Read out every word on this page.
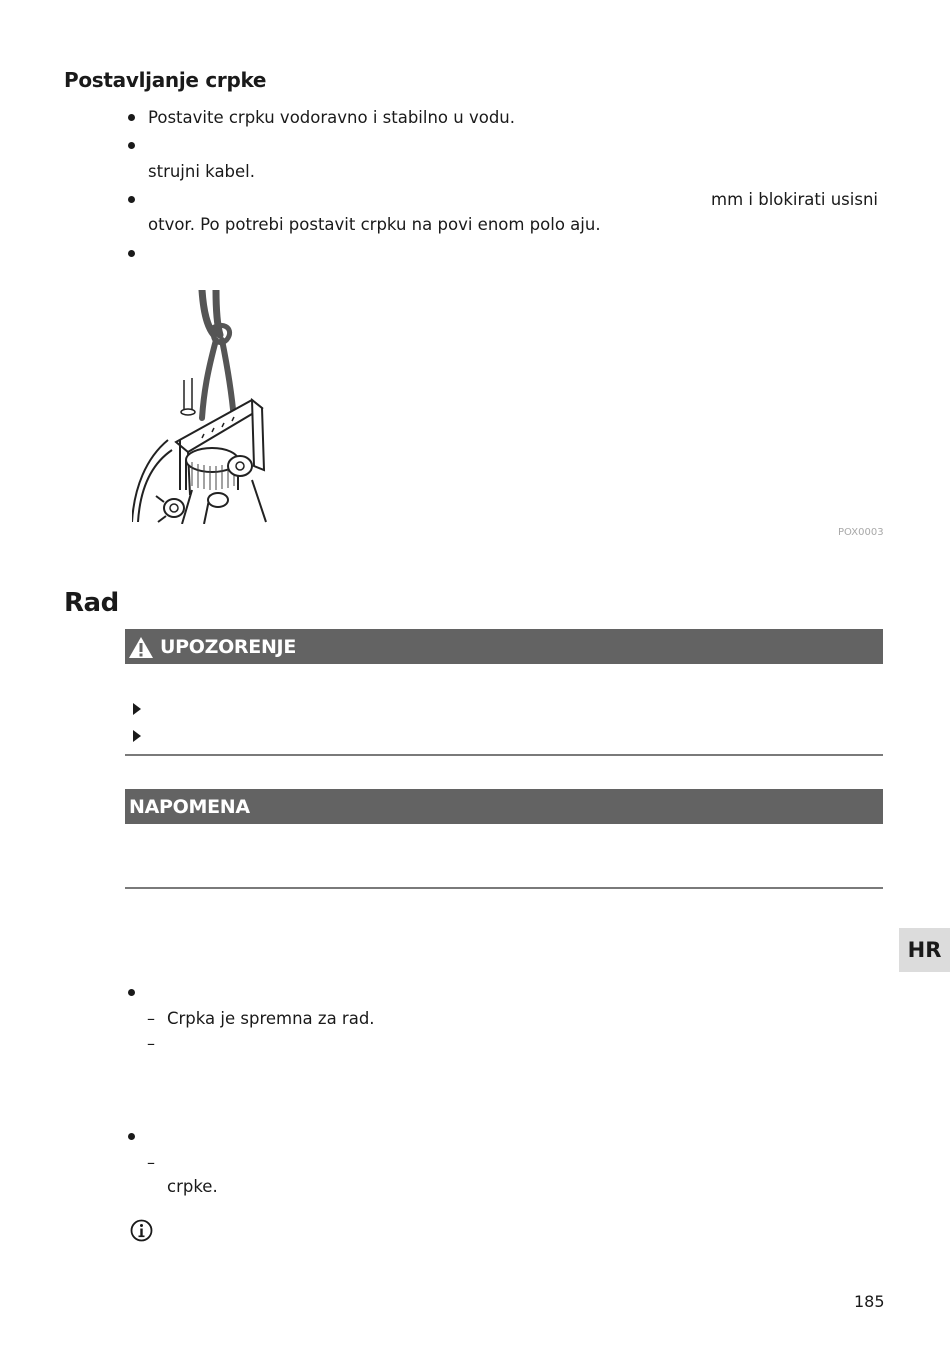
Postavljanje crpke
Postavite crpku vodoravno i stabilno u vodu.
strujni kabel.
mm i blokirati usisni
otvor. Po potrebi postavit crpku na povi enom polo aju.
POX0003
Rad
UPOZORENJE
NAPOMENA
HR
– Crpka je spremna za rad.
–
–
crpke.
185
